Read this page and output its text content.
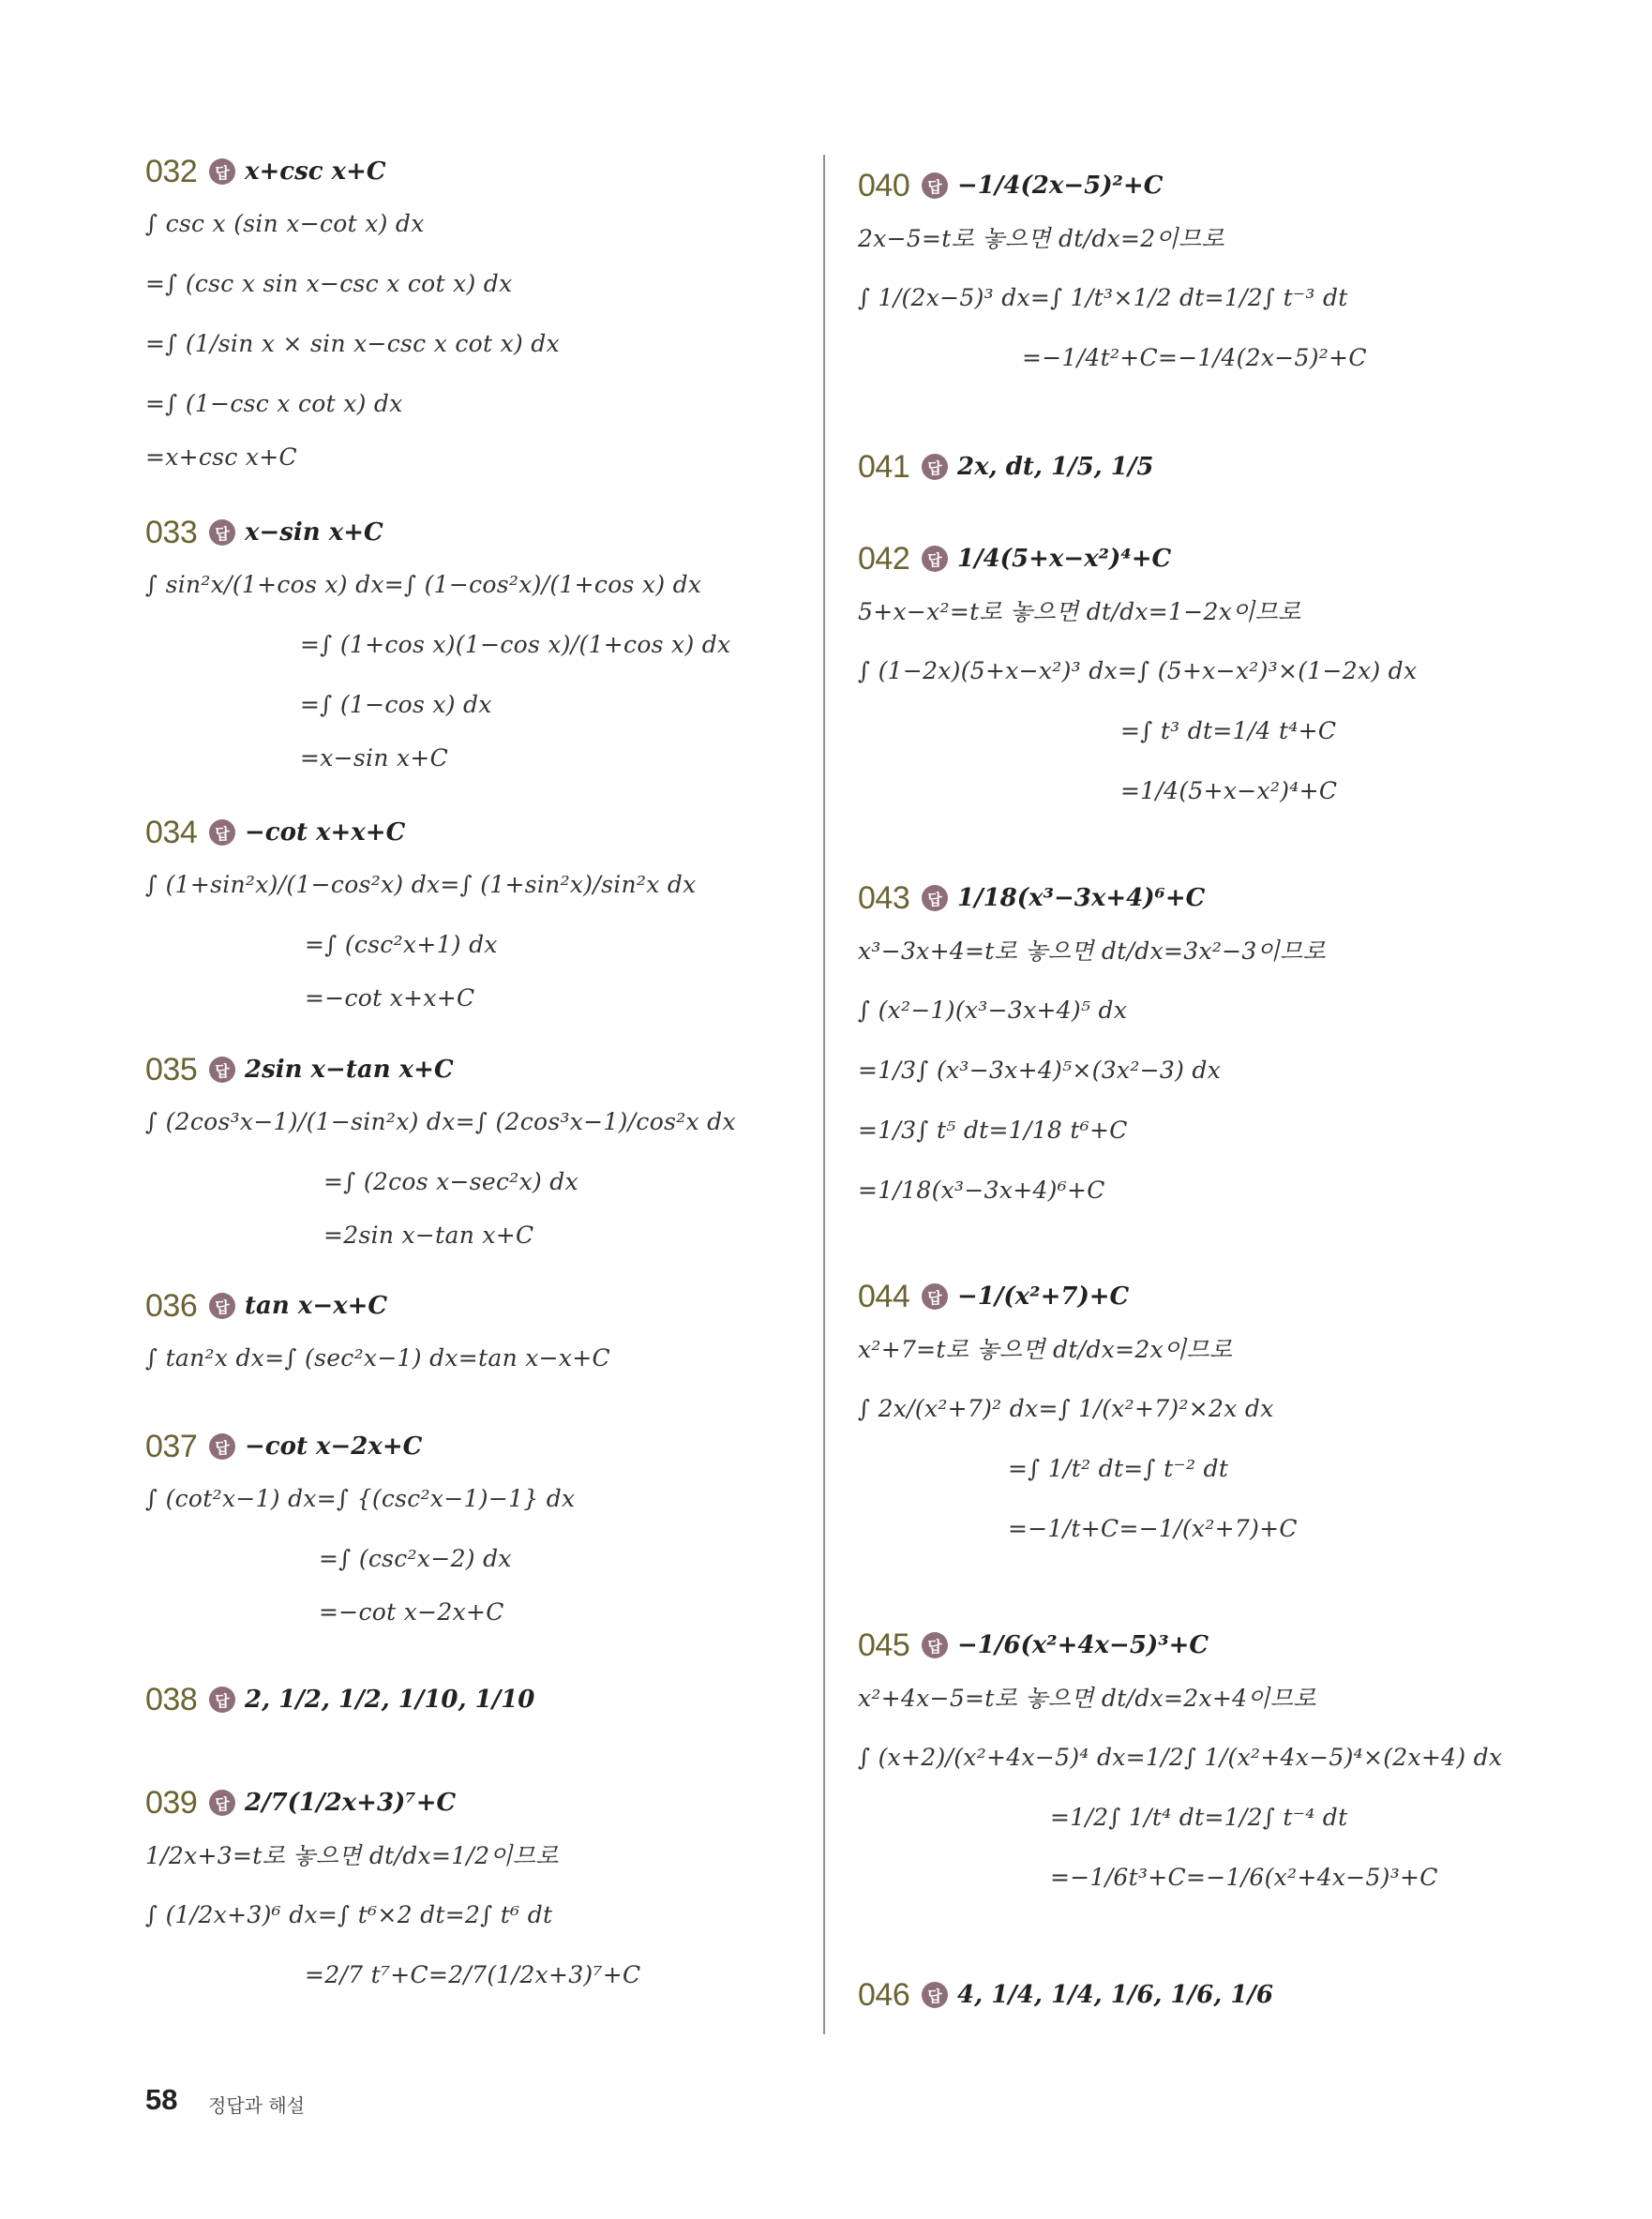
032	답 x+csc x+C
∫ csc x (sin x−cot x) dx
=∫ (csc x sin x−csc x cot x) dx
=∫ (1/sin x × sin x−csc x cot x) dx
=∫ (1−csc x cot x) dx
=x+csc x+C
033	답 x−sin x+C
∫ sin²x/(1+cos x) dx=∫ (1−cos²x)/(1+cos x) dx
=∫ (1+cos x)(1−cos x)/(1+cos x) dx
=∫ (1−cos x) dx
=x−sin x+C
034	답 −cot x+x+C
∫ (1+sin²x)/(1−cos²x) dx=∫ (1+sin²x)/sin²x dx
=∫ (csc²x+1) dx
=−cot x+x+C
035	답 2sin x−tan x+C
∫ (2cos³x−1)/(1−sin²x) dx=∫ (2cos³x−1)/cos²x dx
=∫ (2cos x−sec²x) dx
=2sin x−tan x+C
036	답 tan x−x+C
∫ tan²x dx=∫ (sec²x−1) dx=tan x−x+C
037	답 −cot x−2x+C
∫ (cot²x−1) dx=∫ {(csc²x−1)−1} dx
=∫ (csc²x−2) dx
=−cot x−2x+C
038	답 2, 1/2, 1/2, 1/10, 1/10
039	답 2/7(1/2x+3)⁷+C
1/2x+3=t로 놓으면 dt/dx=1/2이므로
∫ (1/2x+3)⁶ dx=∫ t⁶×2 dt=2∫ t⁶ dt
=2/7 t⁷+C=2/7(1/2x+3)⁷+C
040	답 −1/4(2x−5)²+C
2x−5=t로 놓으면 dt/dx=2이므로
∫ 1/(2x−5)³ dx=∫ 1/t³×1/2 dt=1/2∫ t⁻³ dt
=−1/4t²+C=−1/4(2x−5)²+C
041	답 2x, dt, 1/5, 1/5
042	답 1/4(5+x−x²)⁴+C
5+x−x²=t로 놓으면 dt/dx=1−2x이므로
∫ (1−2x)(5+x−x²)³ dx=∫ (5+x−x²)³×(1−2x) dx
=∫ t³ dt=1/4 t⁴+C
=1/4(5+x−x²)⁴+C
043	답 1/18(x³−3x+4)⁶+C
x³−3x+4=t로 놓으면 dt/dx=3x²−3이므로
∫ (x²−1)(x³−3x+4)⁵ dx
=1/3∫ (x³−3x+4)⁵×(3x²−3) dx
=1/3∫ t⁵ dt=1/18 t⁶+C
=1/18(x³−3x+4)⁶+C
044	답 −1/(x²+7)+C
x²+7=t로 놓으면 dt/dx=2x이므로
∫ 2x/(x²+7)² dx=∫ 1/(x²+7)²×2x dx
=∫ 1/t² dt=∫ t⁻² dt
=−1/t+C=−1/(x²+7)+C
045	답 −1/6(x²+4x−5)³+C
x²+4x−5=t로 놓으면 dt/dx=2x+4이므로
∫ (x+2)/(x²+4x−5)⁴ dx=1/2∫ 1/(x²+4x−5)⁴×(2x+4) dx
=1/2∫ 1/t⁴ dt=1/2∫ t⁻⁴ dt
=−1/6t³+C=−1/6(x²+4x−5)³+C
046	답 4, 1/4, 1/4, 1/6, 1/6, 1/6
58 정답과 해설
